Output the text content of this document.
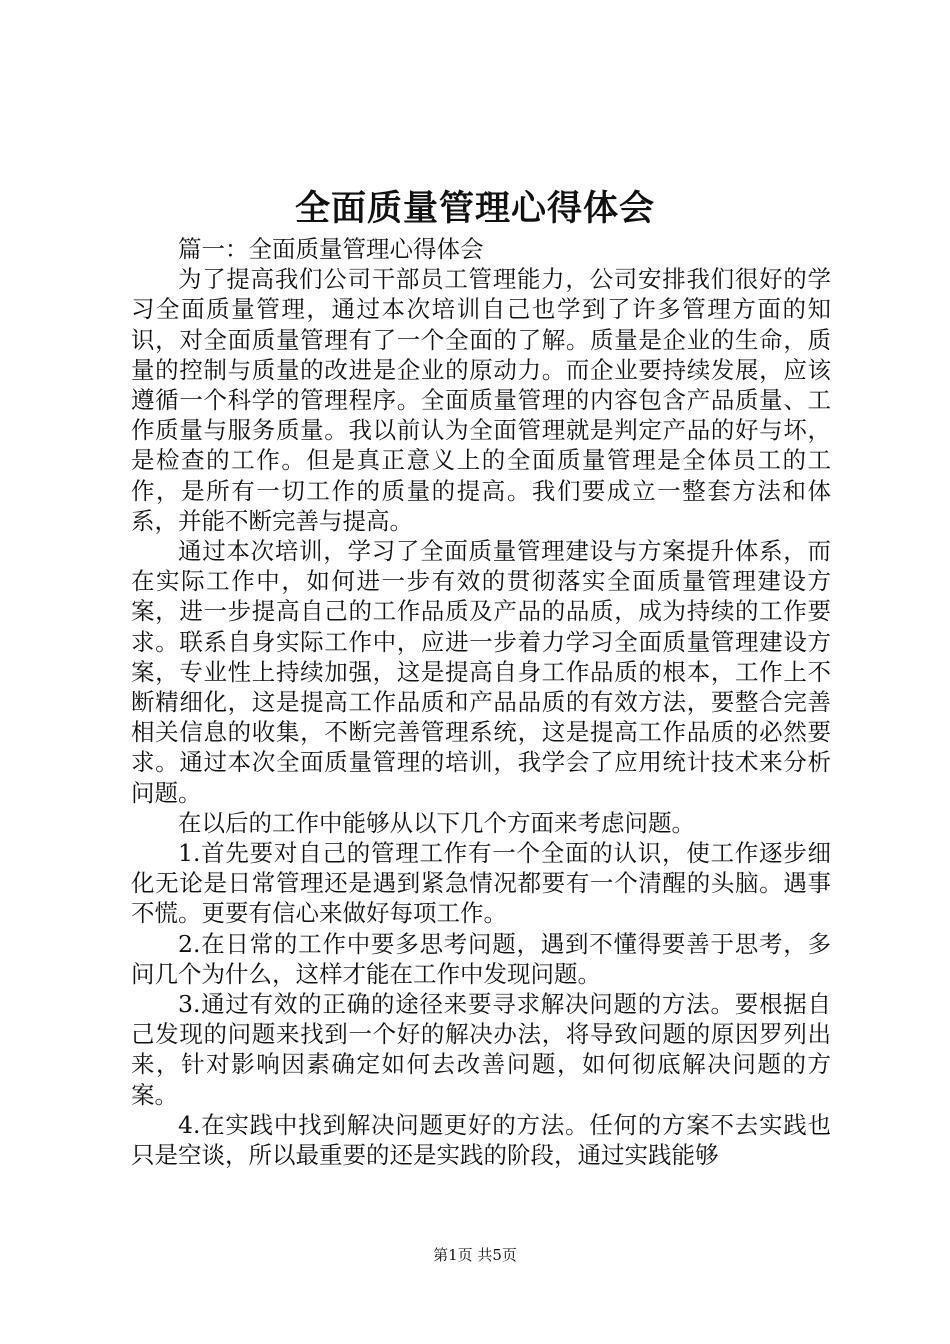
全面质量管理心得体会

篇一：全面质量管理心得体会

为了提高我们公司干部员工管理能力，公司安排我们很好的学习全面质量管理，通过本次培训自己也学到了许多管理方面的知识，对全面质量管理有了一个全面的了解。质量是企业的生命，质量的控制与质量的改进是企业的原动力。而企业要持续发展，应该遵循一个科学的管理程序。全面质量管理的内容包含产品质量、工作质量与服务质量。我以前认为全面管理就是判定产品的好与坏，是检查的工作。但是真正意义上的全面质量管理是全体员工的工作，是所有一切工作的质量的提高。我们要成立一整套方法和体系，并能不断完善与提高。

通过本次培训，学习了全面质量管理建设与方案提升体系，而在实际工作中，如何进一步有效的贯彻落实全面质量管理建设方案，进一步提高自己的工作品质及产品的品质，成为持续的工作要求。联系自身实际工作中，应进一步着力学习全面质量管理建设方案，专业性上持续加强，这是提高自身工作品质的根本，工作上不断精细化，这是提高工作品质和产品品质的有效方法，要整合完善相关信息的收集，不断完善管理系统，这是提高工作品质的必然要求。通过本次全面质量管理的培训，我学会了应用统计技术来分析问题。

在以后的工作中能够从以下几个方面来考虑问题。

1.首先要对自己的管理工作有一个全面的认识，使工作逐步细化无论是日常管理还是遇到紧急情况都要有一个清醒的头脑。遇事不慌。更要有信心来做好每项工作。

2.在日常的工作中要多思考问题，遇到不懂得要善于思考，多问几个为什么，这样才能在工作中发现问题。

3.通过有效的正确的途径来要寻求解决问题的方法。要根据自己发现的问题来找到一个好的解决办法，将导致问题的原因罗列出来，针对影响因素确定如何去改善问题，如何彻底解决问题的方案。

4.在实践中找到解决问题更好的方法。任何的方案不去实践也只是空谈，所以最重要的还是实践的阶段，通过实践能够

第1页 共5页
